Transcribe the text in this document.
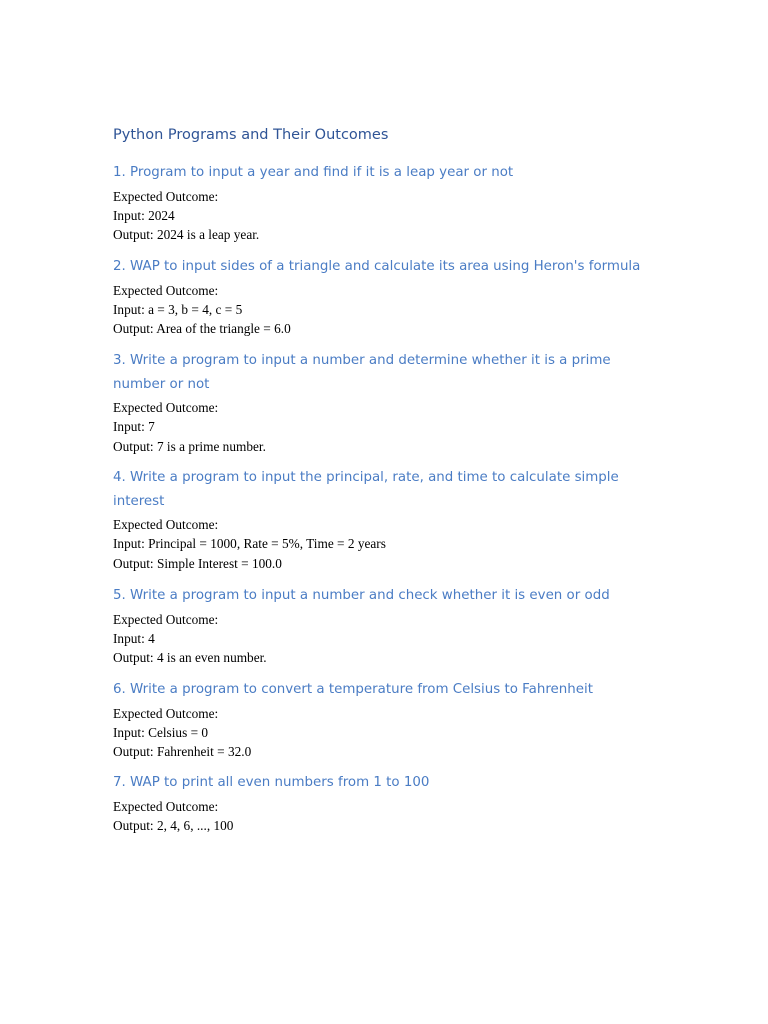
Python Programs and Their Outcomes
1. Program to input a year and find if it is a leap year or not

Expected Outcome:

Input: 2024

Output: 2024 is a leap year.

2. WAP to input sides of a triangle and calculate its area using Heron's formula

Expected Outcome:

Input: a = 3, b = 4, c = 5

Output: Area of the triangle = 6.0

3. Write a program to input a number and determine whether it is a prime number or not

Expected Outcome:

Input: 7

Output: 7 is a prime number.

4. Write a program to input the principal, rate, and time to calculate simple interest

Expected Outcome:

Input: Principal = 1000, Rate = 5%, Time = 2 years

Output: Simple Interest = 100.0

5. Write a program to input a number and check whether it is even or odd

Expected Outcome:

Input: 4

Output: 4 is an even number.

6. Write a program to convert a temperature from Celsius to Fahrenheit

Expected Outcome:

Input: Celsius = 0

Output: Fahrenheit = 32.0

7. WAP to print all even numbers from 1 to 100

Expected Outcome:

Output: 2, 4, 6, ..., 100
